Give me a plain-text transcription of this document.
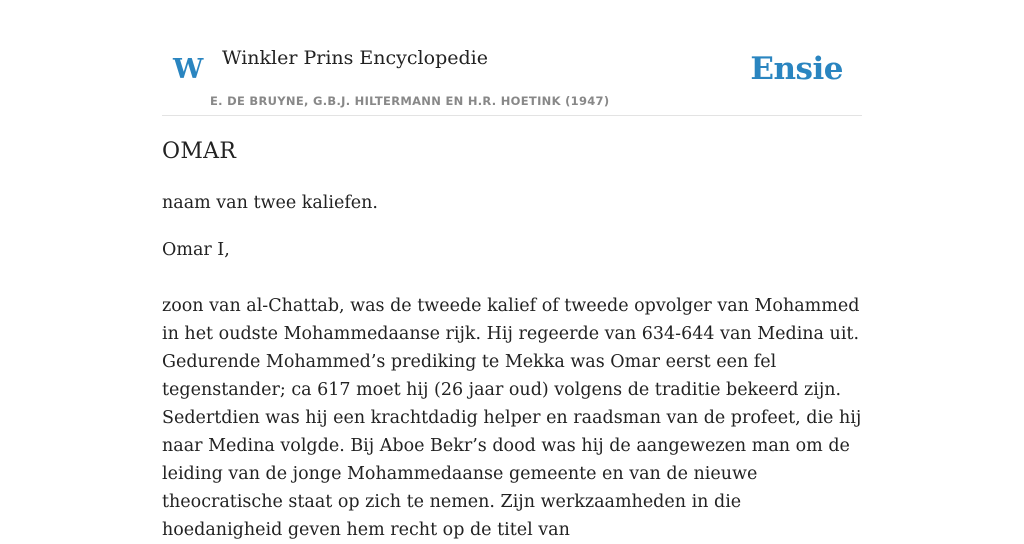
W Winkler Prins Encyclopedie
E. DE BRUYNE, G.B.J. HILTERMANN EN H.R. HOETINK (1947)
Ensie
OMAR

naam van twee kaliefen.

Omar I,

zoon van al-Chattab, was de tweede kalief of tweede opvolger van Mohammed in het oudste Mohammedaanse rijk. Hij regeerde van 634-644 van Medina uit. Gedurende Mohammed’s prediking te Mekka was Omar eerst een fel tegenstander; ca 617 moet hij (26 jaar oud) volgens de traditie bekeerd zijn. Sedertdien was hij een krachtdadig helper en raadsman van de profeet, die hij naar Medina volgde. Bij Aboe Bekr’s dood was hij de aangewezen man om de leiding van de jonge Mohammedaanse gemeente en van de nieuwe theocratische staat op zich te nemen. Zijn werkzaamheden in die hoedanigheid geven hem recht op de titel van
